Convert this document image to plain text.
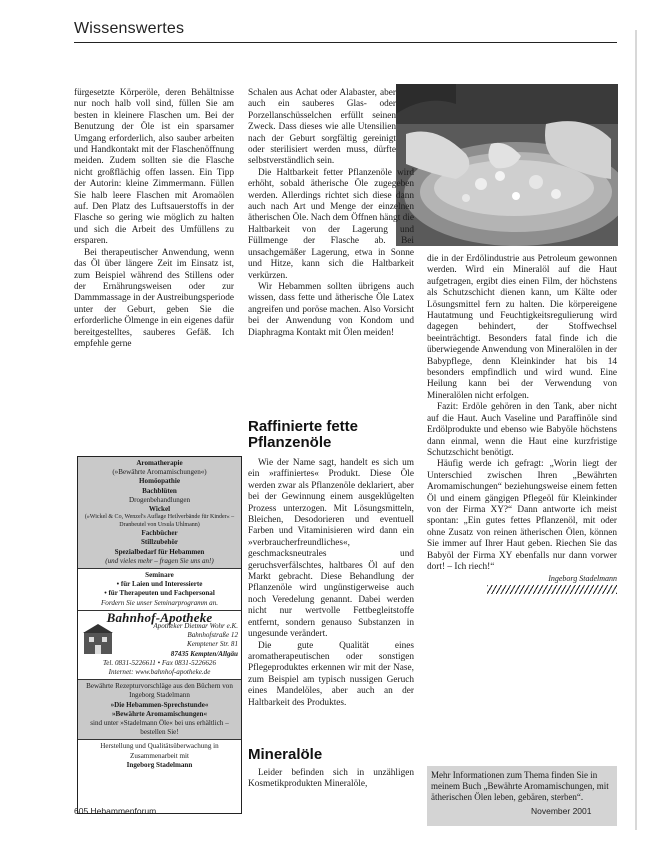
Wissenswertes

fürgesetzte Körperöle, deren Behältnisse nur noch halb voll sind, füllen Sie am besten in kleinere Flaschen um. Bei der Benutzung der Öle ist ein sparsamer Umgang erforderlich, also sauber arbeiten und Handkontakt mit der Flaschenöffnung meiden. Zudem sollten sie die Flasche nicht großflächig offen lassen. Ein Tipp der Autorin: kleine Zimmermann. Füllen Sie halb leere Flaschen mit Aromaölen auf. Den Platz des Luftsauerstoffs in der Flasche so gering wie möglich zu halten und sich die Arbeit des Umfüllens zu ersparen.

Bei therapeutischer Anwendung, wenn das Öl über längere Zeit im Einsatz ist, zum Beispiel während des Stillens oder der Ernährungsweisen oder zur Dammmassage in der Austreibungsperiode unter der Geburt, geben Sie die erforderliche Ölmenge in ein eigenes dafür bereitgestelltes, sauberes Gefäß. Ich empfehle gerne

Schalen aus Achat oder Alabaster, aber auch ein sauberes Glas- oder Porzellanschüsselchen erfüllt seinen Zweck. Dass dieses wie alle Utensilien nach der Geburt sorgfältig gereinigt oder sterilisiert werden muss, dürfte selbstverständlich sein.

Die Haltbarkeit fetter Pflanzenöle wird erhöht, sobald ätherische Öle zugegeben werden. Allerdings richtet sich diese dann auch nach Art und Menge der einzelnen ätherischen Öle. Nach dem Öffnen hängt die Haltbarkeit von der Lagerung und Füllmenge der Flasche ab. Bei unsachgemäßer Lagerung, etwa in Sonne und Hitze, kann sich die Haltbarkeit verkürzen.

Wir Hebammen sollten übrigens auch wissen, dass fette und ätherische Öle Latex angreifen und poröse machen. Also Vorsicht bei der Anwendung von Kondom und Diaphragma Kontakt mit Ölen meiden!

Raffinierte fette Pflanzenöle

Wie der Name sagt, handelt es sich um ein »raffiniertes« Produkt. Diese Öle werden zwar als Pflanzenöle deklariert, aber bei der Gewinnung einem ausgeklügelten Prozess unterzogen. Mit Lösungsmitteln, Bleichen, Desodorieren und eventuell Farben und Vitaminisieren wird dann ein »verbraucherfreundliches«, geschmacksneutrales und geruchsverfälschtes, haltbares Öl auf den Markt gebracht. Diese Behandlung der Pflanzenöle wird ungünstigerweise auch noch Veredelung genannt. Dabei werden nicht nur wertvolle Fettbegleitstoffe entfernt, sondern genauso Substanzen in ungesunde verändert.

Die gute Qualität eines aromatherapeutischen oder sonstigen Pflegeproduktes erkennen wir mit der Nase, zum Beispiel am typisch nussigen Geruch eines Mandelöles, aber auch an der Haltbarkeit des Produktes.

Mineralöle

Leider befinden sich in unzähligen Kosmetikprodukten Mineralöle,

die in der Erdölindustrie aus Petroleum gewonnen werden. Wird ein Mineralöl auf die Haut aufgetragen, ergibt dies einen Film, der höchstens als Schutzschicht dienen kann, um Kälte oder Lösungsmittel fern zu halten. Die körpereigene Hautatmung und Feuchtigkeitsregulierung wird dagegen behindert, der Stoffwechsel beeinträchtigt. Besonders fatal finde ich die überwiegende Anwendung von Mineralölen in der Babypflege, denn Kleinkinder hat bis 14 besonders empfindlich und wird wund. Eine Heilung kann bei der Verwendung von Mineralölen nicht erfolgen.

Fazit: Erdöle gehören in den Tank, aber nicht auf die Haut. Auch Vaseline und Paraffinöle sind Erdölprodukte und ebenso wie Babyöle höchstens dann einmal, wenn die Haut eine kurzfristige Schutzschicht benötigt.

Häufig werde ich gefragt: „Worin liegt der Unterschied zwischen Ihren „Bewährten Aromamischungen“ beziehungsweise einem fetten Öl und einem gängigen Pflegeöl für Kleinkinder von der Firma XY?“ Dann antworte ich meist spontan: „Ein gutes fettes Pflanzenöl, mit oder ohne Zusatz von reinen ätherischen Ölen, können Sie immer auf Ihrer Haut geben. Riechen Sie das Babyöl der Firma XY ebenfalls nur dann vorwer dort! – Ich riech!“

Ingeborg Stadelmann
Mehr Informationen zum Thema finden Sie in meinem Buch „Bewährte Aromamischungen, mit ätherischen Ölen leben, gebären, sterben“.
Aromatherapie
(»Bewährte Aromamischungen«)
Homöopathie
Bachblüten
Drogenbehandlungen
Wickel
(»Wickel & Co, Wenzel's Auflage Heilverbände für Kinder« – Dranbeutel von Ursula Uhlmann)
Fachbücher
Stillzubehör
Spezialbedarf für Hebammen
(und vieles mehr – fragen Sie uns an!)
Seminare
• für Laien und Interessierte
• für Therapeuten und Fachpersonal
Fordern Sie unser Seminarprogramm an.
Bahnhof-Apotheke
Apotheker Dietmar Wohr e.K.
Bahnhofstraße 12
Kemptener Str. 81
87435 Kempten/Allgäu
Tel. 0831-5226611 • Fax 0831-5226626
Internet: www.bahnhof-apotheke.de
Bewährte Rezepturvorschläge aus den Büchern von Ingeborg Stadelmann
»Die Hebammen-Sprechstunde«
»Bewährte Aromamischungen«
sind unter »Stadelmann Öle« bei uns erhältlich – bestellen Sie!
Herstellung und Qualitätsüberwachung in Zusammenarbeit mit
Ingeborg Stadelmann
605 Hebammenforum	November 2001
